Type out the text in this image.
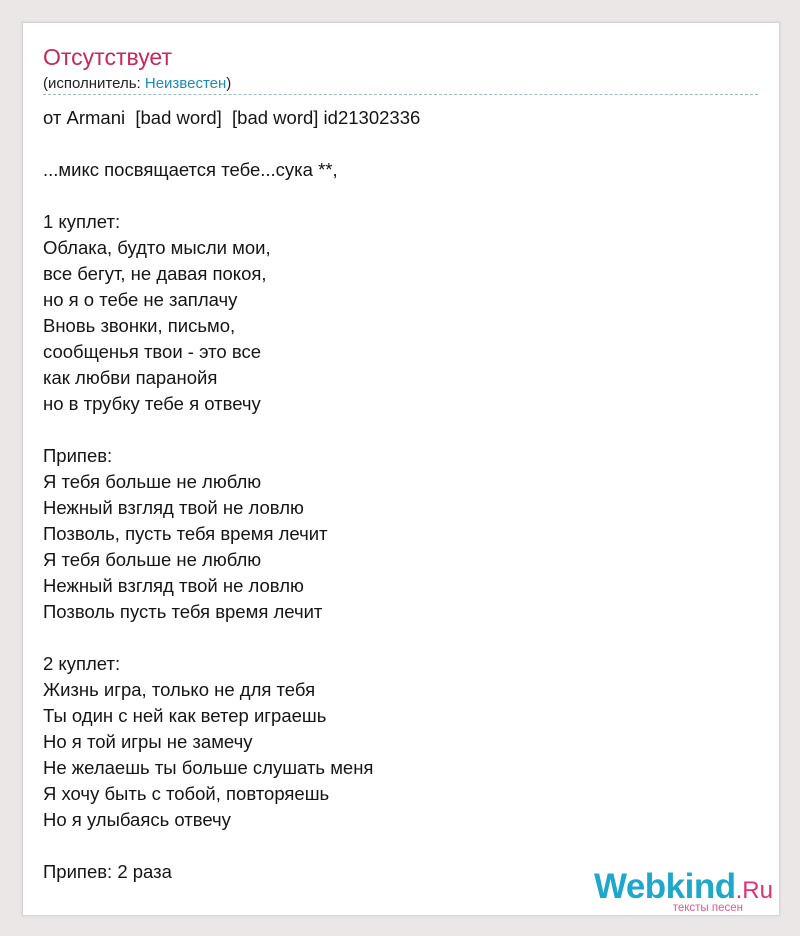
Отсутствует
(исполнитель: Неизвестен)
от Armani  [bad word]  [bad word] id21302336
...микс посвящается тебе...сука **,
1 куплет:
Облака, будто мысли мои,
все бегут, не давая покоя,
но я о тебе не заплачу
Вновь звонки, письмо,
сообщенья твои - это все
как любви паранойя
но в трубку тебе я отвечу
Припев:
Я тебя больше не люблю
Нежный взгляд твой не ловлю
Позволь, пусть тебя время лечит
Я тебя больше не люблю
Нежный взгляд твой не ловлю
Позволь пусть тебя время лечит
2 куплет:
Жизнь игра, только не для тебя
Ты один с ней как ветер играешь
Но я той игры не замечу
Не желаешь ты больше слушать меня
Я хочу быть с тобой, повторяешь
Но я улыбаясь отвечу
Припев: 2 раза	Webkind.Ru
тексты песен
